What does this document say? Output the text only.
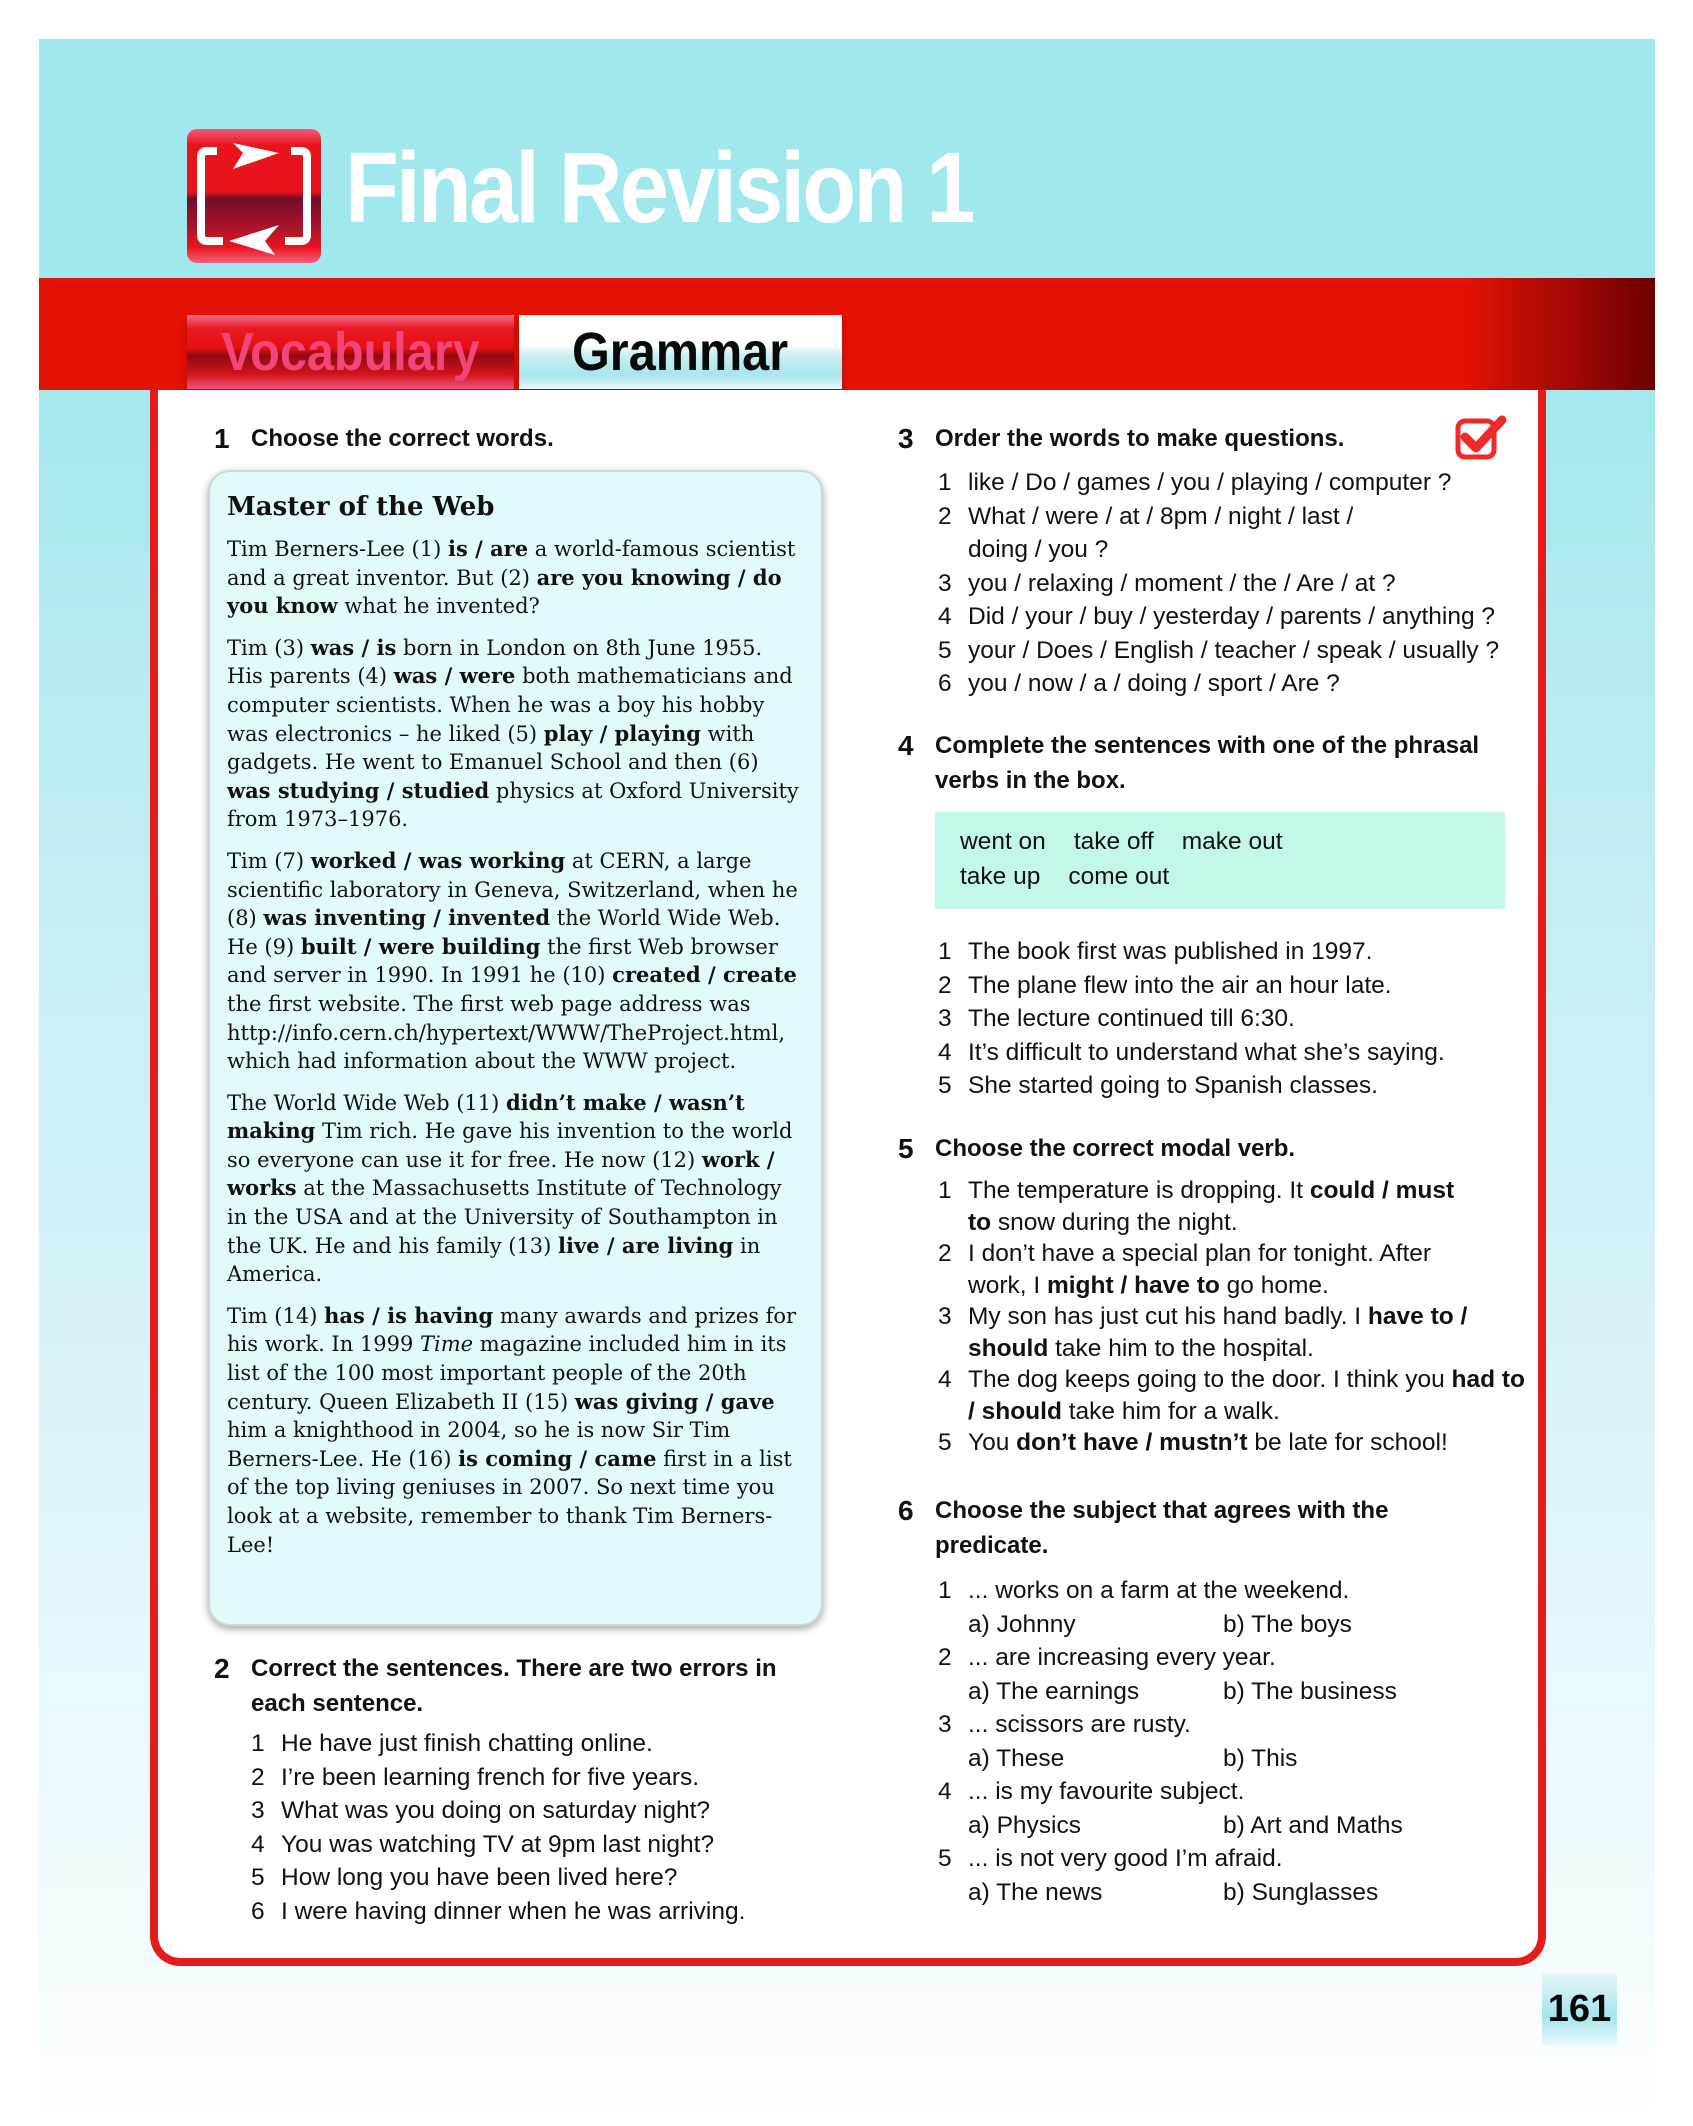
Final Revision 1
Vocabulary Grammar
1 Choose the correct words.
Master of the Web

Tim Berners-Lee (1) is / are a world-famous scientist and a great inventor. But (2) are you knowing / do you know what he invented?

Tim (3) was / is born in London on 8th June 1955. His parents (4) was / were both mathematicians and computer scientists. When he was a boy his hobby was electronics – he liked (5) play / playing with gadgets. He went to Emanuel School and then (6) was studying / studied physics at Oxford University from 1973–1976.

Tim (7) worked / was working at CERN, a large scientific laboratory in Geneva, Switzerland, when he (8) was inventing / invented the World Wide Web. He (9) built / were building the first Web browser and server in 1990. In 1991 he (10) created / create the first website. The first web page address was http://info.cern.ch/hypertext/WWW/TheProject.html, which had information about the WWW project.

The World Wide Web (11) didn’t make / wasn’t making Tim rich. He gave his invention to the world so everyone can use it for free. He now (12) work / works at the Massachusetts Institute of Technology in the USA and at the University of Southampton in the UK. He and his family (13) live / are living in America.

Tim (14) has / is having many awards and prizes for his work. In 1999 Time magazine included him in its list of the 100 most important people of the 20th century. Queen Elizabeth II (15) was giving / gave him a knighthood in 2004, so he is now Sir Tim Berners-Lee. He (16) is coming / came first in a list of the top living geniuses in 2007. So next time you look at a website, remember to thank Tim Berners-Lee!

2 Correct the sentences. There are two errors in each sentence.
1 He have just finish chatting online.
2 I’re been learning french for five years.
3 What was you doing on saturday night?
4 You was watching TV at 9pm last night?
5 How long you have been lived here?
6 I were having dinner when he was arriving.
3 Order the words to make questions.
1 like / Do / games / you / playing / computer ?
2 What / were / at / 8pm / night / last / doing / you ?
3 you / relaxing / moment / the / Are / at ?
4 Did / your / buy / yesterday / parents / anything ?
5 your / Does / English / teacher / speak / usually ?
6 you / now / a / doing / sport / Are ?
4 Complete the sentences with one of the phrasal verbs in the box.
went on take off make out
take up come out
1 The book first was published in 1997.
2 The plane flew into the air an hour late.
3 The lecture continued till 6:30.
4 It’s difficult to understand what she’s saying.
5 She started going to Spanish classes.
5 Choose the correct modal verb.
1 The temperature is dropping. It could / must to snow during the night.
2 I don’t have a special plan for tonight. After work, I might / have to go home.
3 My son has just cut his hand badly. I have to / should take him to the hospital.
4 The dog keeps going to the door. I think you had to / should take him for a walk.
5 You don’t have / mustn’t be late for school!
6 Choose the subject that agrees with the predicate.
1 ... works on a farm at the weekend.
a) Johnny	b) The boys
2 ... are increasing every year.
a) The earnings	b) The business
3 ... scissors are rusty.
a) These	b) This
4 ... is my favourite subject.
a) Physics	b) Art and Maths
5 ... is not very good I’m afraid.
a) The news	b) Sunglasses
161
